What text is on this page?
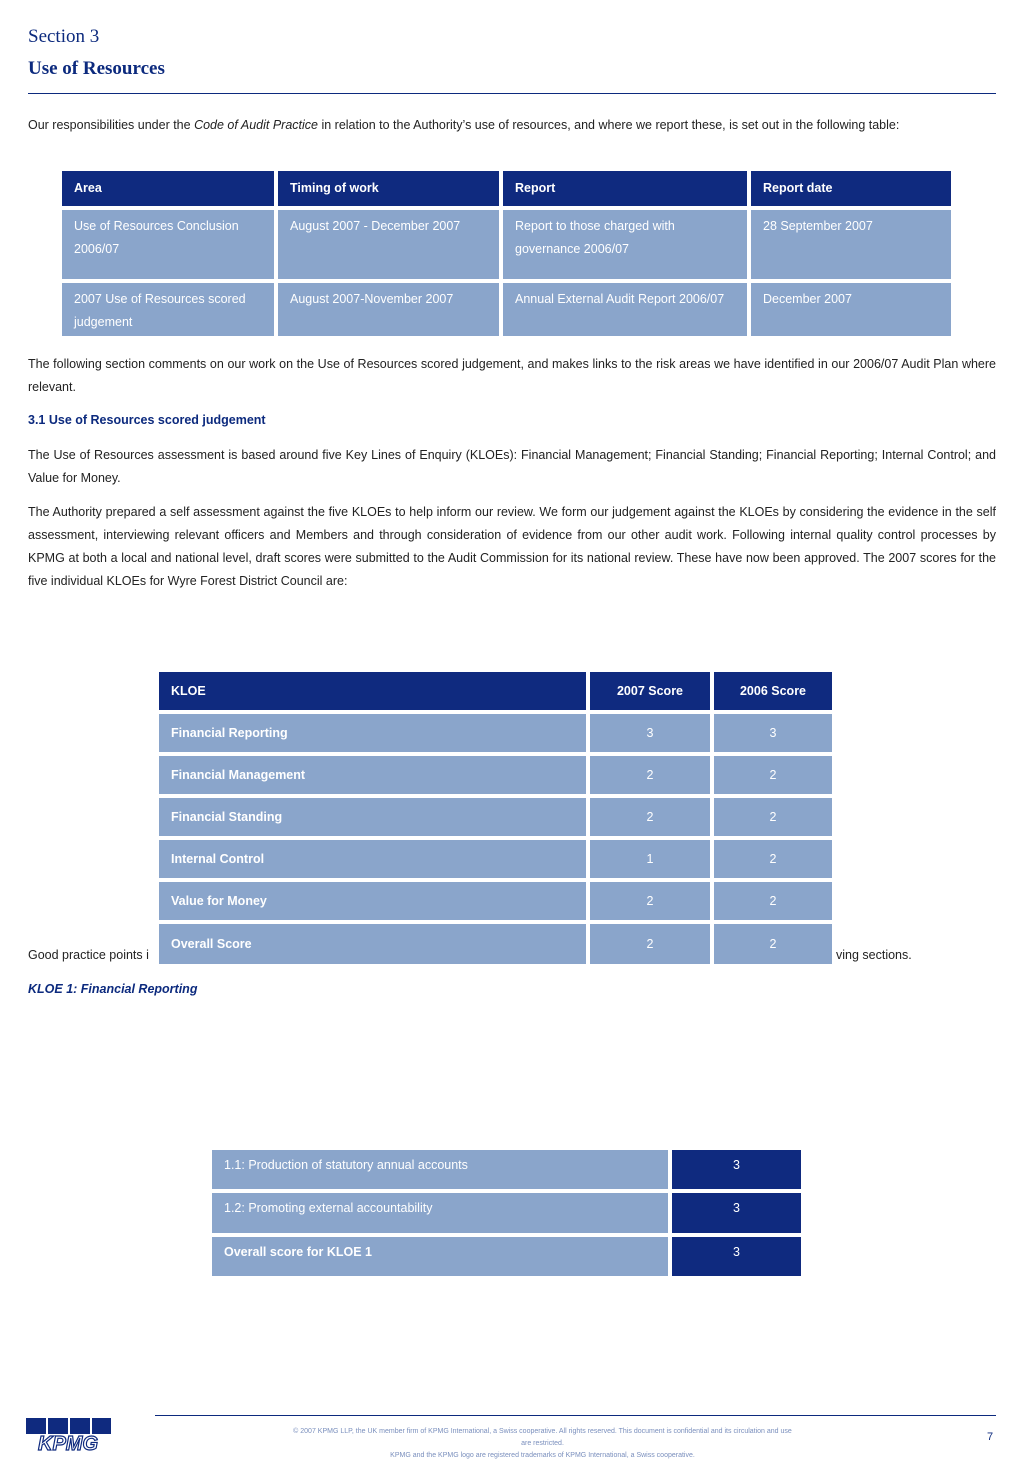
Section 3
Use of Resources
Our responsibilities under the Code of Audit Practice in relation to the Authority’s use of resources, and where we report these, is set out in the following table:
Area	Timing of work	Report	Report date
Use of Resources Conclusion 2006/07	August 2007 - December 2007	Report to those charged with governance 2006/07	28 September 2007
2007 Use of Resources scored judgement	August 2007-November 2007	Annual External Audit Report 2006/07	December 2007
The following section comments on our work on the Use of Resources scored judgement, and makes links to the risk areas we have identified in our 2006/07 Audit Plan where relevant.
3.1 Use of Resources scored judgement
The Use of Resources assessment is based around five Key Lines of Enquiry (KLOEs): Financial Management; Financial Standing; Financial Reporting; Internal Control; and Value for Money.
The Authority prepared a self assessment against the five KLOEs to help inform our review. We form our judgement against the KLOEs by considering the evidence in the self assessment, interviewing relevant officers and Members and through consideration of evidence from our other audit work. Following internal quality control processes by KPMG at both a local and national level, draft scores were submitted to the Audit Commission for its national review. These have now been approved. The 2007 scores for the five individual KLOEs for Wyre Forest District Council are:
Good practice points i	ving sections.
KLOE	2007 Score	2006 Score
Financial Reporting	3	3
Financial Management	2	2
Financial Standing	2	2
Internal Control	1	2
Value for Money	2	2
Overall Score	2	2
KLOE 1: Financial Reporting
1.1: Production of statutory annual accounts	3
1.2: Promoting external accountability	3
Overall score for KLOE 1	3
KPMG
© 2007 KPMG LLP, the UK member firm of KPMG International, a Swiss cooperative. All rights reserved. This document is confidential and its circulation and use
are restricted.
KPMG and the KPMG logo are registered trademarks of KPMG International, a Swiss cooperative.
7
